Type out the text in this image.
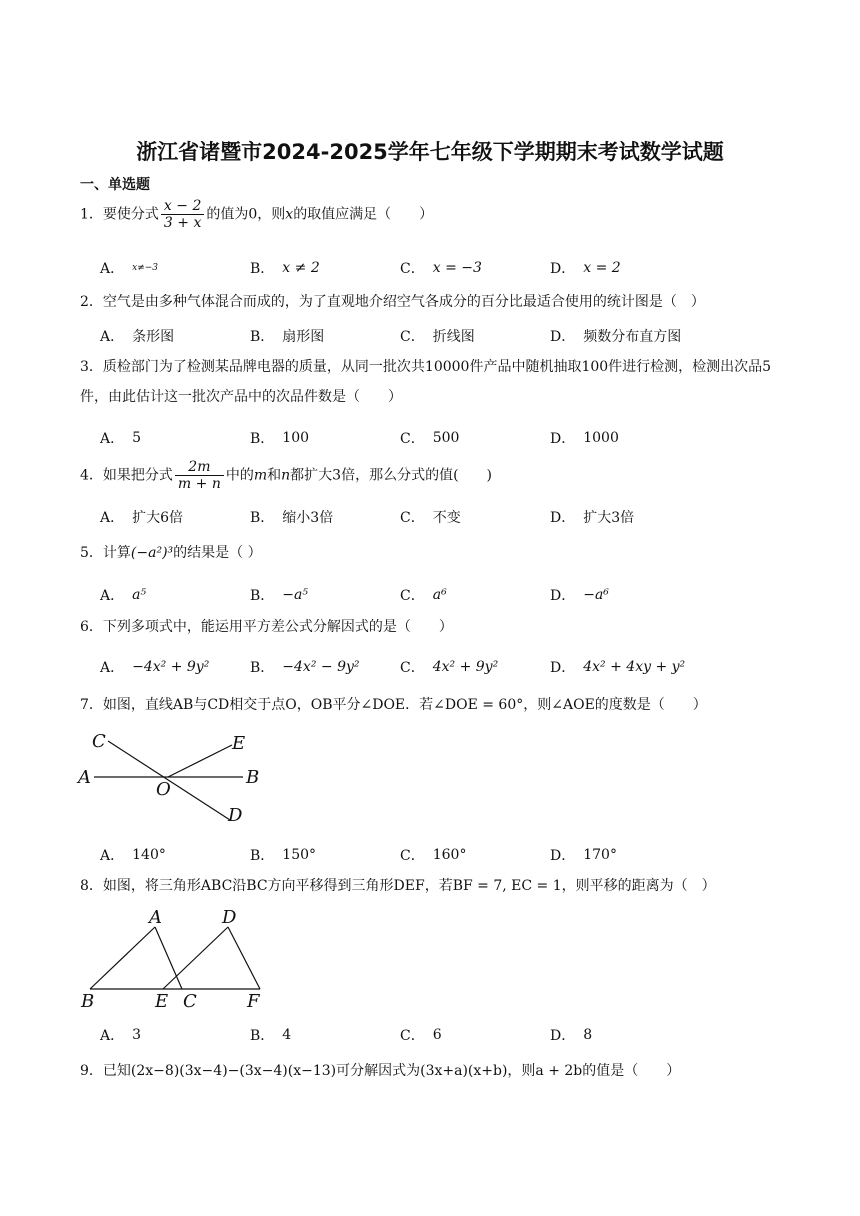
浙江省诸暨市2024-2025学年七年级下学期期末考试数学试题
一、单选题
1．要使分式 $\frac{x - 2}{3 + x}$ 的值为0，则x的取值应满足（　　）
A． x≠−3	B． x ≠ 2	C． x = −3	D． x = 2
2．空气是由多种气体混合而成的，为了直观地介绍空气各成分的百分比最适合使用的统计图是（　）
A． 条形图	B． 扇形图	C． 折线图	D． 频数分布直方图
3．质检部门为了检测某品牌电器的质量，从同一批次共10000件产品中随机抽取100件进行检测，检测出次品5件，由此估计这一批次产品中的次品件数是（　　）
A． 5	B． 100	C． 500	D． 1000
4．如果把分式 $\frac{2m}{m + n}$ 中的m和n都扩大3倍，那么分式的值(　　)
A． 扩大6倍	B． 缩小3倍	C． 不变	D． 扩大3倍
5．计算(−a²)³的结果是（ ）
A． a⁵	B． −a⁵	C． a⁶	D． −a⁶
6．下列多项式中，能运用平方差公式分解因式的是（　　）
A． −4x² + 9y²	B． −4x² − 9y²	C． 4x² + 9y²	D． 4x² + 4xy + y²
7．如图，直线AB与CD相交于点O，OB平分∠DOE．若∠DOE = 60°，则∠AOE的度数是（　　）
C
A
O
E
B
D
A． 140°	B． 150°	C． 160°	D． 170°
8．如图，将三角形ABC沿BC方向平移得到三角形DEF，若BF = 7, EC = 1，则平移的距离为（　）
A	D
B	E C	F
A． 3	B． 4	C． 6	D． 8
9．已知(2x−8)(3x−4)−(3x−4)(x−13)可分解因式为(3x+a)(x+b)，则a + 2b的值是（　　）
